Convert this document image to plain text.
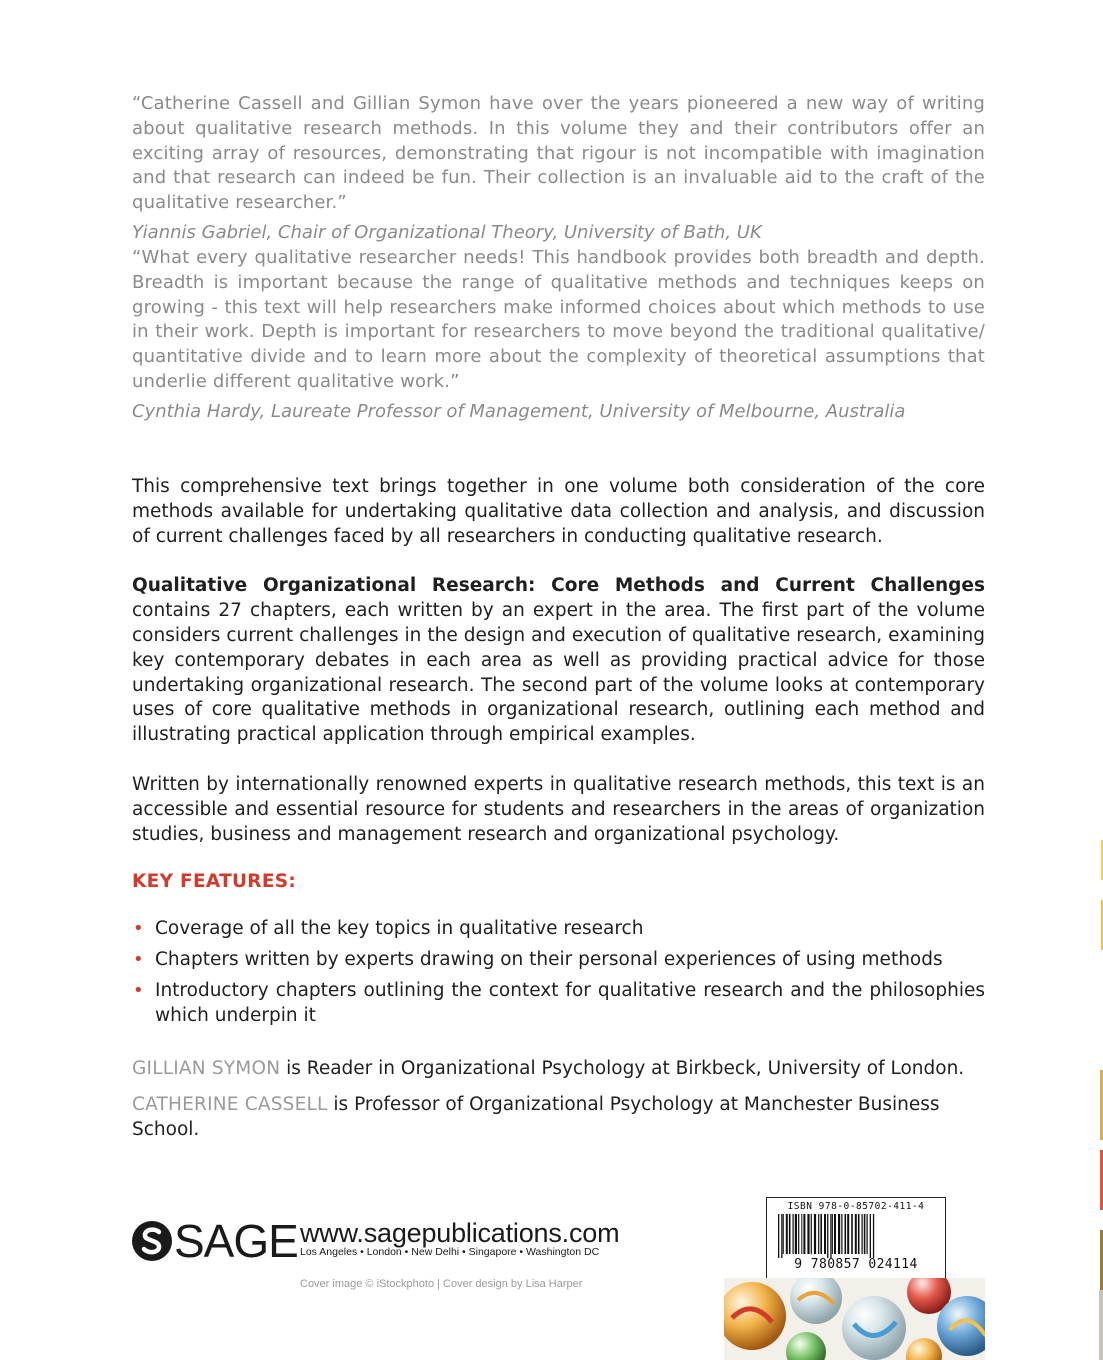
“Catherine Cassell and Gillian Symon have over the years pioneered a new way of writing about qualitative research methods. In this volume they and their contributors offer an exciting array of resources, demonstrating that rigour is not incompatible with imagination and that research can indeed be fun. Their collection is an invaluable aid to the craft of the qualitative researcher.”
Yiannis Gabriel, Chair of Organizational Theory, University of Bath, UK
“What every qualitative researcher needs! This handbook provides both breadth and depth. Breadth is important because the range of qualitative methods and techniques keeps on growing - this text will help researchers make informed choices about which methods to use in their work. Depth is important for researchers to move beyond the traditional qualitative/ quantitative divide and to learn more about the complexity of theoretical assumptions that underlie different qualitative work.”
Cynthia Hardy, Laureate Professor of Management, University of Melbourne, Australia
This comprehensive text brings together in one volume both consideration of the core methods available for undertaking qualitative data collection and analysis, and discussion of current challenges faced by all researchers in conducting qualitative research.
Qualitative Organizational Research: Core Methods and Current Challenges contains 27 chapters, each written by an expert in the area. The first part of the volume considers current challenges in the design and execution of qualitative research, examining key contemporary debates in each area as well as providing practical advice for those undertaking organizational research. The second part of the volume looks at contemporary uses of core qualitative methods in organizational research, outlining each method and illustrating practical application through empirical examples.
Written by internationally renowned experts in qualitative research methods, this text is an accessible and essential resource for students and researchers in the areas of organization studies, business and management research and organizational psychology.
KEY FEATURES:
• Coverage of all the key topics in qualitative research
• Chapters written by experts drawing on their personal experiences of using methods
• Introductory chapters outlining the context for qualitative research and the philosophies which underpin it
GILLIAN SYMON is Reader in Organizational Psychology at Birkbeck, University of London.
CATHERINE CASSELL is Professor of Organizational Psychology at Manchester Business School.
SAGE www.sagepublications.com
Los Angeles • London • New Delhi • Singapore • Washington DC
Cover image © iStockphoto | Cover design by Lisa Harper
ISBN 978-0-85702-411-4
9 780857 024114
